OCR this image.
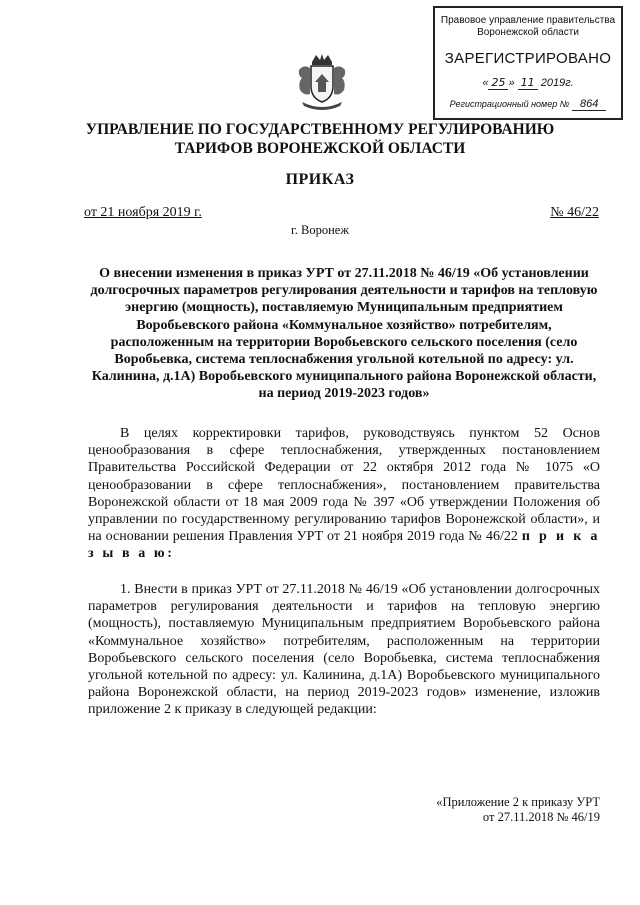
Правовое управление правительства
Воронежской области
ЗАРЕГИСТРИРОВАНО
« 25 » 11 2019г.
Регистрационный номер № 864
УПРАВЛЕНИЕ ПО ГОСУДАРСТВЕННОМУ РЕГУЛИРОВАНИЮ
ТАРИФОВ ВОРОНЕЖСКОЙ ОБЛАСТИ
ПРИКАЗ
от 21 ноября 2019 г.	№ 46/22
г. Воронеж
О внесении изменения в приказ УРТ от 27.11.2018 № 46/19 «Об установлении долгосрочных параметров регулирования деятельности и тарифов на тепловую энергию (мощность), поставляемую Муниципальным предприятием Воробьевского района «Коммунальное хозяйство» потребителям, расположенным на территории Воробьевского сельского поселения (село Воробьевка, система теплоснабжения угольной котельной по адресу: ул. Калинина, д.1А) Воробьевского муниципального района Воронежской области, на период 2019-2023 годов»
В целях корректировки тарифов, руководствуясь пунктом 52 Основ ценообразования в сфере теплоснабжения, утвержденных постановлением Правительства Российской Федерации от 22 октября 2012 года № 1075 «О ценообразовании в сфере теплоснабжения», постановлением правительства Воронежской области от 18 мая 2009 года № 397 «Об утверждении Положения об управлении по государственному регулированию тарифов Воронежской области», и на основании решения Правления УРТ от 21 ноября 2019 года № 46/22 п р и к а з ы в а ю:
1. Внести в приказ УРТ от 27.11.2018 № 46/19 «Об установлении долгосрочных параметров регулирования деятельности и тарифов на тепловую энергию (мощность), поставляемую Муниципальным предприятием Воробьевского района «Коммунальное хозяйство» потребителям, расположенным на территории Воробьевского сельского поселения (село Воробьевка, система теплоснабжения угольной котельной по адресу: ул. Калинина, д.1А) Воробьевского муниципального района Воронежской области, на период 2019-2023 годов» изменение, изложив приложение 2 к приказу в следующей редакции:
«Приложение 2 к приказу УРТ
от 27.11.2018 № 46/19
